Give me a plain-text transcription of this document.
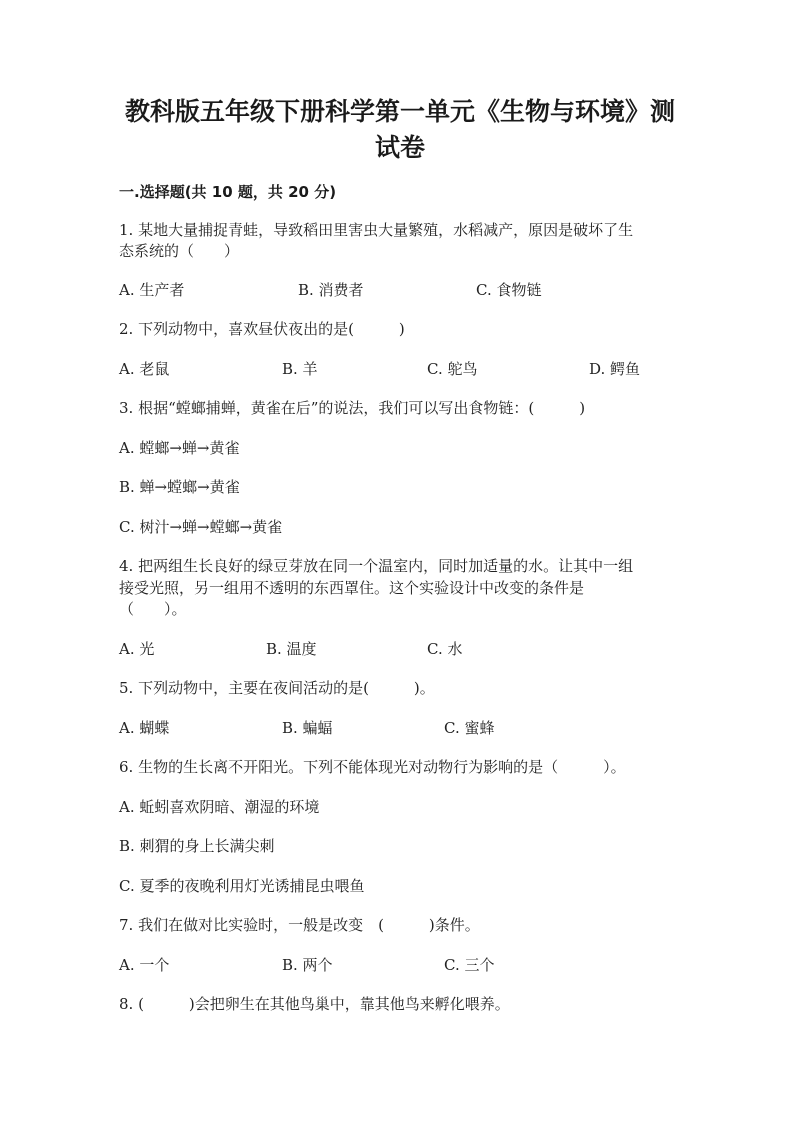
教科版五年级下册科学第一单元《生物与环境》测
试卷
一.选择题(共 10 题，共 20 分)
1. 某地大量捕捉青蛙，导致稻田里害虫大量繁殖，水稻减产，原因是破坏了生
态系统的（　　）
A. 生产者	B. 消费者	C. 食物链
2. 下列动物中，喜欢昼伏夜出的是(　　　)
A. 老鼠	B. 羊	C. 鸵鸟	D. 鳄鱼
3. 根据“螳螂捕蝉，黄雀在后”的说法，我们可以写出食物链：(　　　)
A. 螳螂→蝉→黄雀
B. 蝉→螳螂→黄雀
C. 树汁→蝉→螳螂→黄雀
4. 把两组生长良好的绿豆芽放在同一个温室内，同时加适量的水。让其中一组
接受光照，另一组用不透明的东西罩住。这个实验设计中改变的条件是
（　　）。
A. 光	B. 温度	C. 水
5. 下列动物中，主要在夜间活动的是(　　　)。
A. 蝴蝶	B. 蝙蝠	C. 蜜蜂
6. 生物的生长离不开阳光。下列不能体现光对动物行为影响的是（　　　）。
A. 蚯蚓喜欢阴暗、潮湿的环境
B. 刺猬的身上长满尖刺
C. 夏季的夜晚利用灯光诱捕昆虫喂鱼
7. 我们在做对比实验时，一般是改变　(　　　)条件。
A. 一个	B. 两个	C. 三个
8. (　　　)会把卵生在其他鸟巢中，靠其他鸟来孵化喂养。
